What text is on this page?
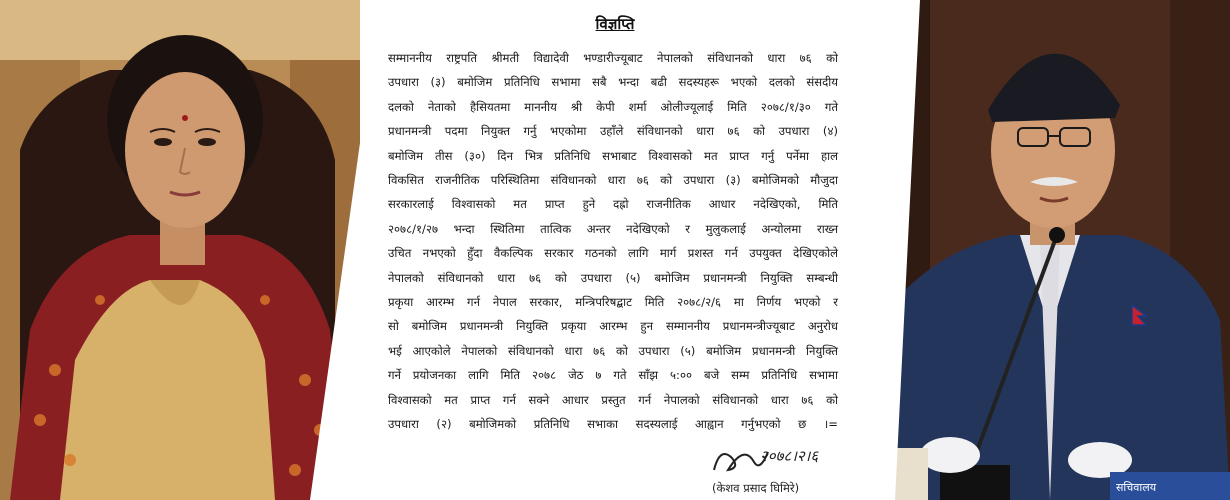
सचिवालय
विज्ञप्ति
सम्माननीय राष्ट्रपति श्रीमती विद्यादेवी भण्डारीज्यूबाट नेपालको संविधानको धारा ७६ को
उपधारा (३) बमोजिम प्रतिनिधि सभामा सबै भन्दा बढी सदस्यहरू भएको दलको संसदीय
दलको नेताको हैसियतमा माननीय श्री केपी शर्मा ओलीज्यूलाई मिति २०७८/१/३० गते
प्रधानमन्त्री पदमा नियुक्त गर्नु भएकोमा उहाँले संविधानको धारा ७६ को उपधारा (४)
बमोजिम तीस (३०) दिन भित्र प्रतिनिधि सभाबाट विश्वासको मत प्राप्त गर्नु पर्नेमा हाल
विकसित राजनीतिक परिस्थितिमा संविधानको धारा ७६ को उपधारा (३) बमोजिमको मौजुदा
सरकारलाई विश्वासको मत प्राप्त हुने दह्रो राजनीतिक आधार नदेखिएको, मिति
२०७८/१/२७ भन्दा स्थितिमा तात्विक अन्तर नदेखिएको र मुलुकलाई अन्योलमा राख्न
उचित नभएको हुँदा वैकल्पिक सरकार गठनको लागि मार्ग प्रशस्त गर्न उपयुक्त देखिएकोले
नेपालको संविधानको धारा ७६ को उपधारा (५) बमोजिम प्रधानमन्त्री नियुक्ति सम्बन्धी
प्रकृया आरम्भ गर्न नेपाल सरकार, मन्त्रिपरिषद्बाट मिति २०७८/२/६ मा निर्णय भएको र
सो बमोजिम प्रधानमन्त्री नियुक्ति प्रकृया आरम्भ हुन सम्माननीय प्रधानमन्त्रीज्यूबाट अनुरोध
भई आएकोले नेपालको संविधानको धारा ७६ को उपधारा (५) बमोजिम प्रधानमन्त्री नियुक्ति
गर्ने प्रयोजनका लागि मिति २०७८ जेठ ७ गते साँझ ५:०० बजे सम्म प्रतिनिधि सभामा
विश्वासको मत प्राप्त गर्न सक्ने आधार प्रस्तुत गर्न नेपालको संविधानको धारा ७६ को
उपधारा (२) बमोजिमको प्रतिनिधि सभाका सदस्यलाई आह्वान गर्नुभएको छ ।=
२०७८।२।६
(केशव प्रसाद घिमिरे)
